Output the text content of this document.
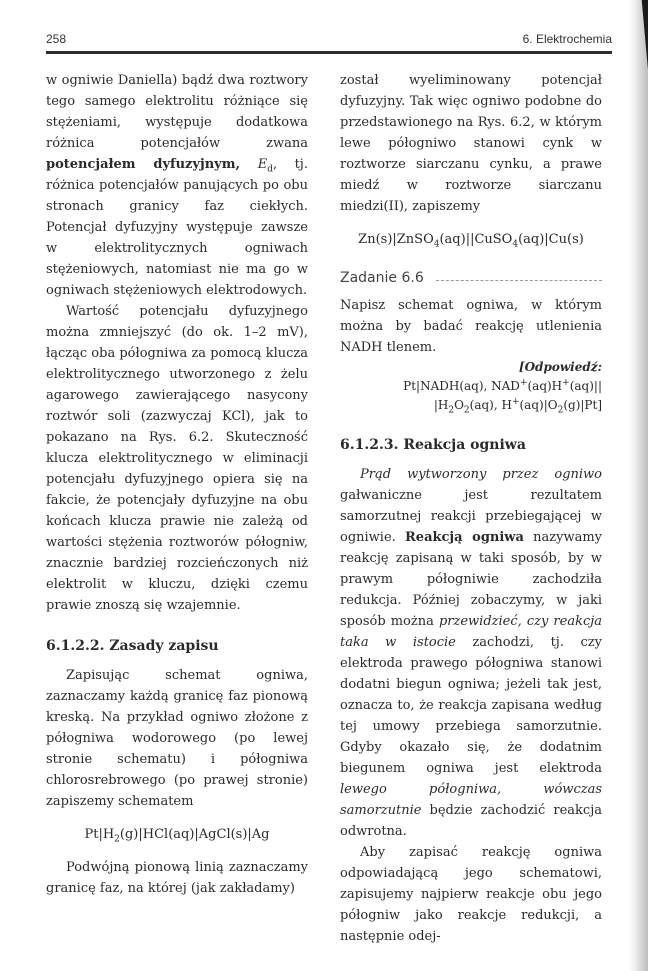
258	6. Elektrochemia

w ogniwie Daniella) bądź dwa roztwory tego samego elektrolitu różniące się stężeniami, występuje dodatkowa różnica potencjałów zwana potencjałem dyfuzyjnym, $E_d$, tj. różnica potencjałów panujących po obu stronach granicy faz ciekłych. Potencjał dyfuzyjny występuje zawsze w elektrolitycznych ogniwach stężeniowych, natomiast nie ma go w ogniwach stężeniowych elektrodowych.

Wartość potencjału dyfuzyjnego można zmniejszyć (do ok. 1–2 mV), łącząc oba półogniwa za pomocą klucza elektrolitycznego utworzonego z żelu agarowego zawierającego nasycony roztwór soli (zazwyczaj KCl), jak to pokazano na Rys. 6.2. Skuteczność klucza elektrolitycznego w eliminacji potencjału dyfuzyjnego opiera się na fakcie, że potencjały dyfuzyjne na obu końcach klucza prawie nie zależą od wartości stężenia roztworów półogniw, znacznie bardziej rozcieńczonych niż elektrolit w kluczu, dzięki czemu prawie znoszą się wzajemnie.

6.1.2.2. Zasady zapisu

Zapisując schemat ogniwa, zaznaczamy każdą granicę faz pionową kreską. Na przykład ogniwo złożone z półogniwa wodorowego (po lewej stronie schematu) i półogniwa chlorosrebrowego (po prawej stronie) zapiszemy schematem

$Pt|H_2(g)|HCl(aq)|AgCl(s)|Ag$

Podwójną pionową linią zaznaczamy granicę faz, na której (jak zakładamy)

został wyeliminowany potencjał dyfuzyjny. Tak więc ogniwo podobne do przedstawionego na Rys. 6.2, w którym lewe półogniwo stanowi cynk w roztworze siarczanu cynku, a prawe miedź w roztworze siarczanu miedzi(II), zapiszemy

Zn(s)|ZnSO$_4$(aq)||CuSO$_4$(aq)|Cu(s)

Zadanie 6.6

Napisz schemat ogniwa, w którym można by badać reakcję utlenienia NADH tlenem.

[Odpowiedź:
Pt|NADH(aq), NAD+(aq)H+(aq)||
$|H_2O_2(aq)$, $H^+(aq)|O_2(g)|Pt$]

6.1.2.3. Reakcja ogniwa

Prąd wytworzony przez ogniwo gałwaniczne jest rezultatem samorzutnej reakcji przebiegającej w ogniwie. Reakcją ogniwa nazywamy reakcję zapisaną w taki sposób, by w prawym półogniwie zachodziła redukcja. Później zobaczymy, w jaki sposób można przewidzieć, czy reakcja taka w istocie zachodzi, tj. czy elektroda prawego półogniwa stanowi dodatni biegun ogniwa; jeżeli tak jest, oznacza to, że reakcja zapisana według tej umowy przebiega samorzutnie. Gdyby okazało się, że dodatnim biegunem ogniwa jest elektroda lewego półogniwa, wówczas samorzutnie będzie zachodzić reakcja odwrotna.

Aby zapisać reakcję ogniwa odpowiadającą jego schematowi, zapisujemy najpierw reakcje obu jego półogniw jako reakcje redukcji, a następnie odej-
